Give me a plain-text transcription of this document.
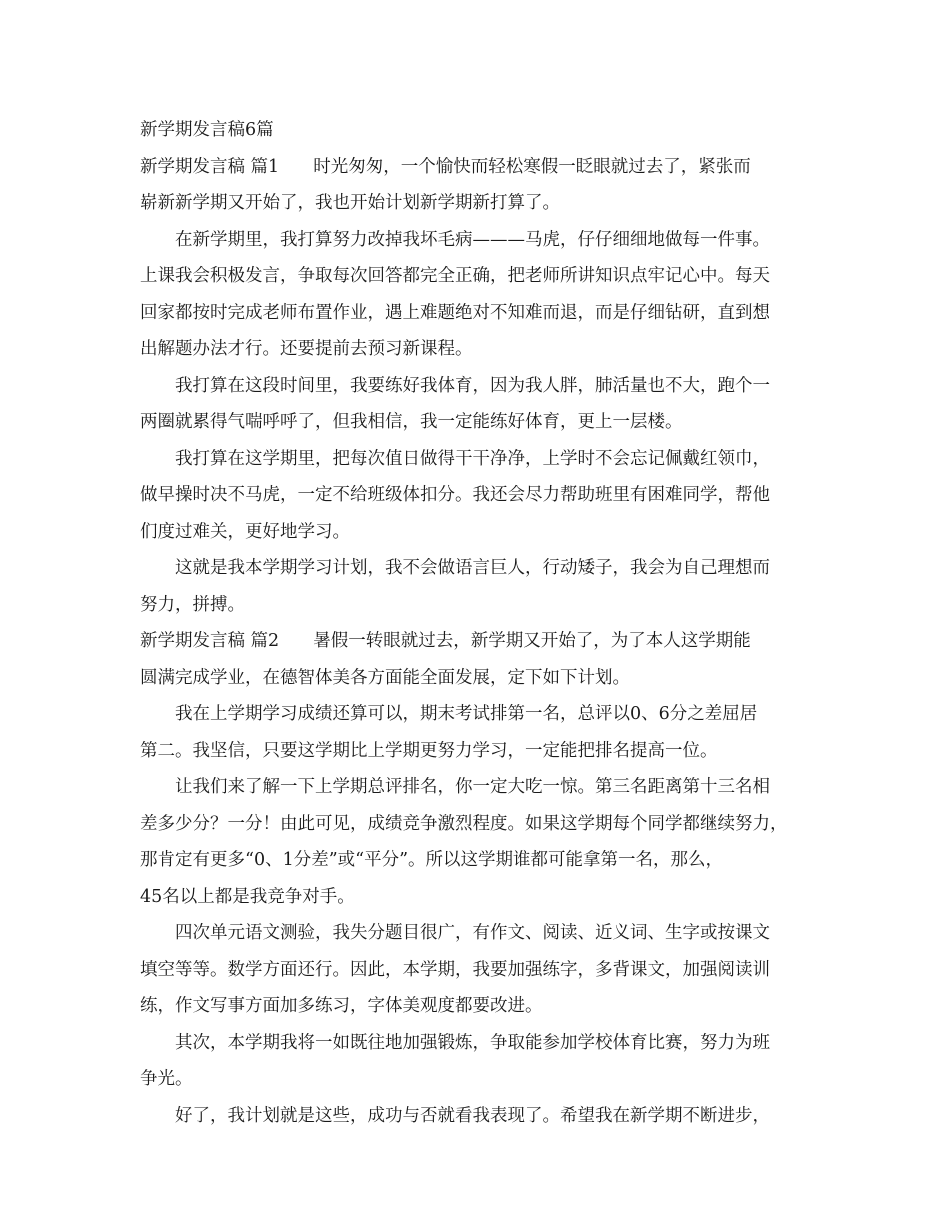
新学期发言稿6篇

新学期发言稿 篇1 时光匆匆，一个愉快而轻松寒假一眨眼就过去了，紧张而

崭新新学期又开始了，我也开始计划新学期新打算了。

在新学期里，我打算努力改掉我坏毛病———马虎，仔仔细细地做每一件事。

上课我会积极发言，争取每次回答都完全正确，把老师所讲知识点牢记心中。每天

回家都按时完成老师布置作业，遇上难题绝对不知难而退，而是仔细钻研，直到想

出解题办法才行。还要提前去预习新课程。

我打算在这段时间里，我要练好我体育，因为我人胖，肺活量也不大，跑个一

两圈就累得气喘呼呼了，但我相信，我一定能练好体育，更上一层楼。

我打算在这学期里，把每次值日做得干干净净，上学时不会忘记佩戴红领巾，

做早操时决不马虎，一定不给班级体扣分。我还会尽力帮助班里有困难同学，帮他

们度过难关，更好地学习。

这就是我本学期学习计划，我不会做语言巨人，行动矮子，我会为自己理想而

努力，拼搏。

新学期发言稿 篇2 暑假一转眼就过去，新学期又开始了，为了本人这学期能

圆满完成学业，在德智体美各方面能全面发展，定下如下计划。

我在上学期学习成绩还算可以，期末考试排第一名，总评以0、6分之差屈居

第二。我坚信，只要这学期比上学期更努力学习，一定能把排名提高一位。

让我们来了解一下上学期总评排名，你一定大吃一惊。第三名距离第十三名相

差多少分？一分！由此可见，成绩竞争激烈程度。如果这学期每个同学都继续努力，

那肯定有更多“0、1分差”或“平分”。所以这学期谁都可能拿第一名，那么，

45名以上都是我竞争对手。

四次单元语文测验，我失分题目很广，有作文、阅读、近义词、生字或按课文

填空等等。数学方面还行。因此，本学期，我要加强练字，多背课文，加强阅读训

练，作文写事方面加多练习，字体美观度都要改进。

其次，本学期我将一如既往地加强锻炼，争取能参加学校体育比赛，努力为班

争光。

好了，我计划就是这些，成功与否就看我表现了。希望我在新学期不断进步，
